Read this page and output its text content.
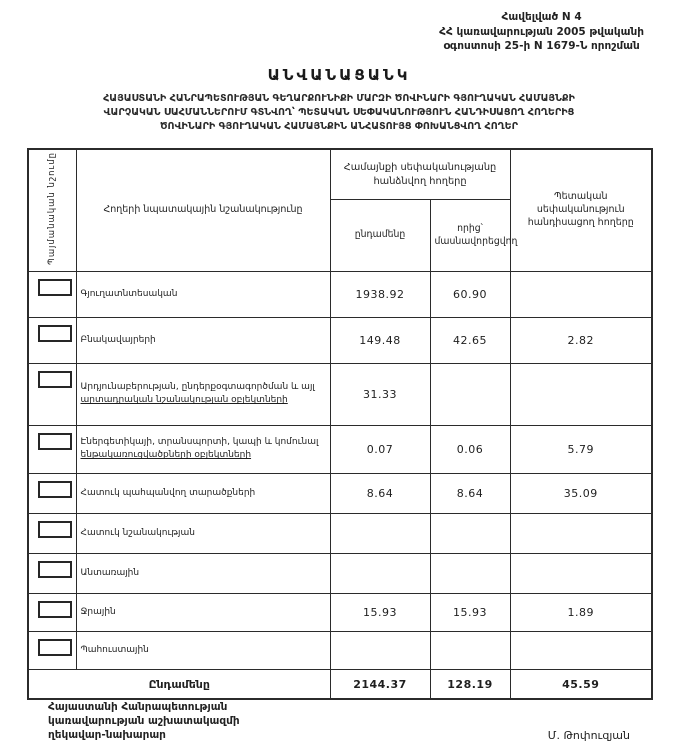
Հավելված N 4
ՀՀ կառավարության 2005 թվականի
օգոստոսի 25-ի N 1679-Ն որոշման
ԱՆՎԱՆԱՑԱՆԿ
ՀԱՅԱՍՏԱՆԻ ՀԱՆՐԱՊԵՏՈՒԹՅԱՆ ԳԵՂԱՐՔՈՒՆԻՔԻ ՄԱՐԶԻ ԾՈՎԻՆԱՐԻ ԳՅՈՒՂԱԿԱՆ ՀԱՄԱՅՆՔԻ
ՎԱՐՉԱԿԱՆ ՍԱՀՄԱՆՆԵՐՈՒՄ ԳՏՆՎՈՂ՝ ՊԵՏԱԿԱՆ ՍԵՓԱԿԱՆՈՒԹՅՈՒՆ ՀԱՆԴԻՍԱՑՈՂ ՀՈՂԵՐԻՑ
ԾՈՎԻՆԱՐԻ ԳՅՈՒՂԱԿԱՆ ՀԱՄԱՅՆՔԻՆ ԱՆՀԱՏՈՒՅՑ ՓՈԽԱՆՑՎՈՂ ՀՈՂԵՐ
Պայմանական նշումը	Հողերի նպատակային նշանակությունը	Համայնքի սեփականությանը հանձնվող հողերը		Պետական սեփականություն հանդիսացող հողերը
		ընդամենը	որից՝ մասնավորեցվող	

	Գյուղատնտեսական	1938.92	60.90	

	Բնակավայրերի	149.48	42.65	2.82

	Արդյունաբերության, ընդերքօգտագործման և այլ արտադրական նշանակության օբյեկտների	31.33		

	Էներգետիկայի, տրանսպորտի, կապի և կոմունալ ենթակառուցվածքների օբյեկտների	0.07	0.06	5.79

	Հատուկ պահպանվող տարածքների	8.64	8.64	35.09

	Հատուկ նշանակության			

	Անտառային			

	Ջրային	15.93	15.93	1.89

	Պահուստային			
Ընդամենը		2144.37	128.19	45.59
Հայաստանի Հանրապետության
կառավարության աշխատակազմի
ղեկավար-նախարար	Մ. Թոփուզյան
